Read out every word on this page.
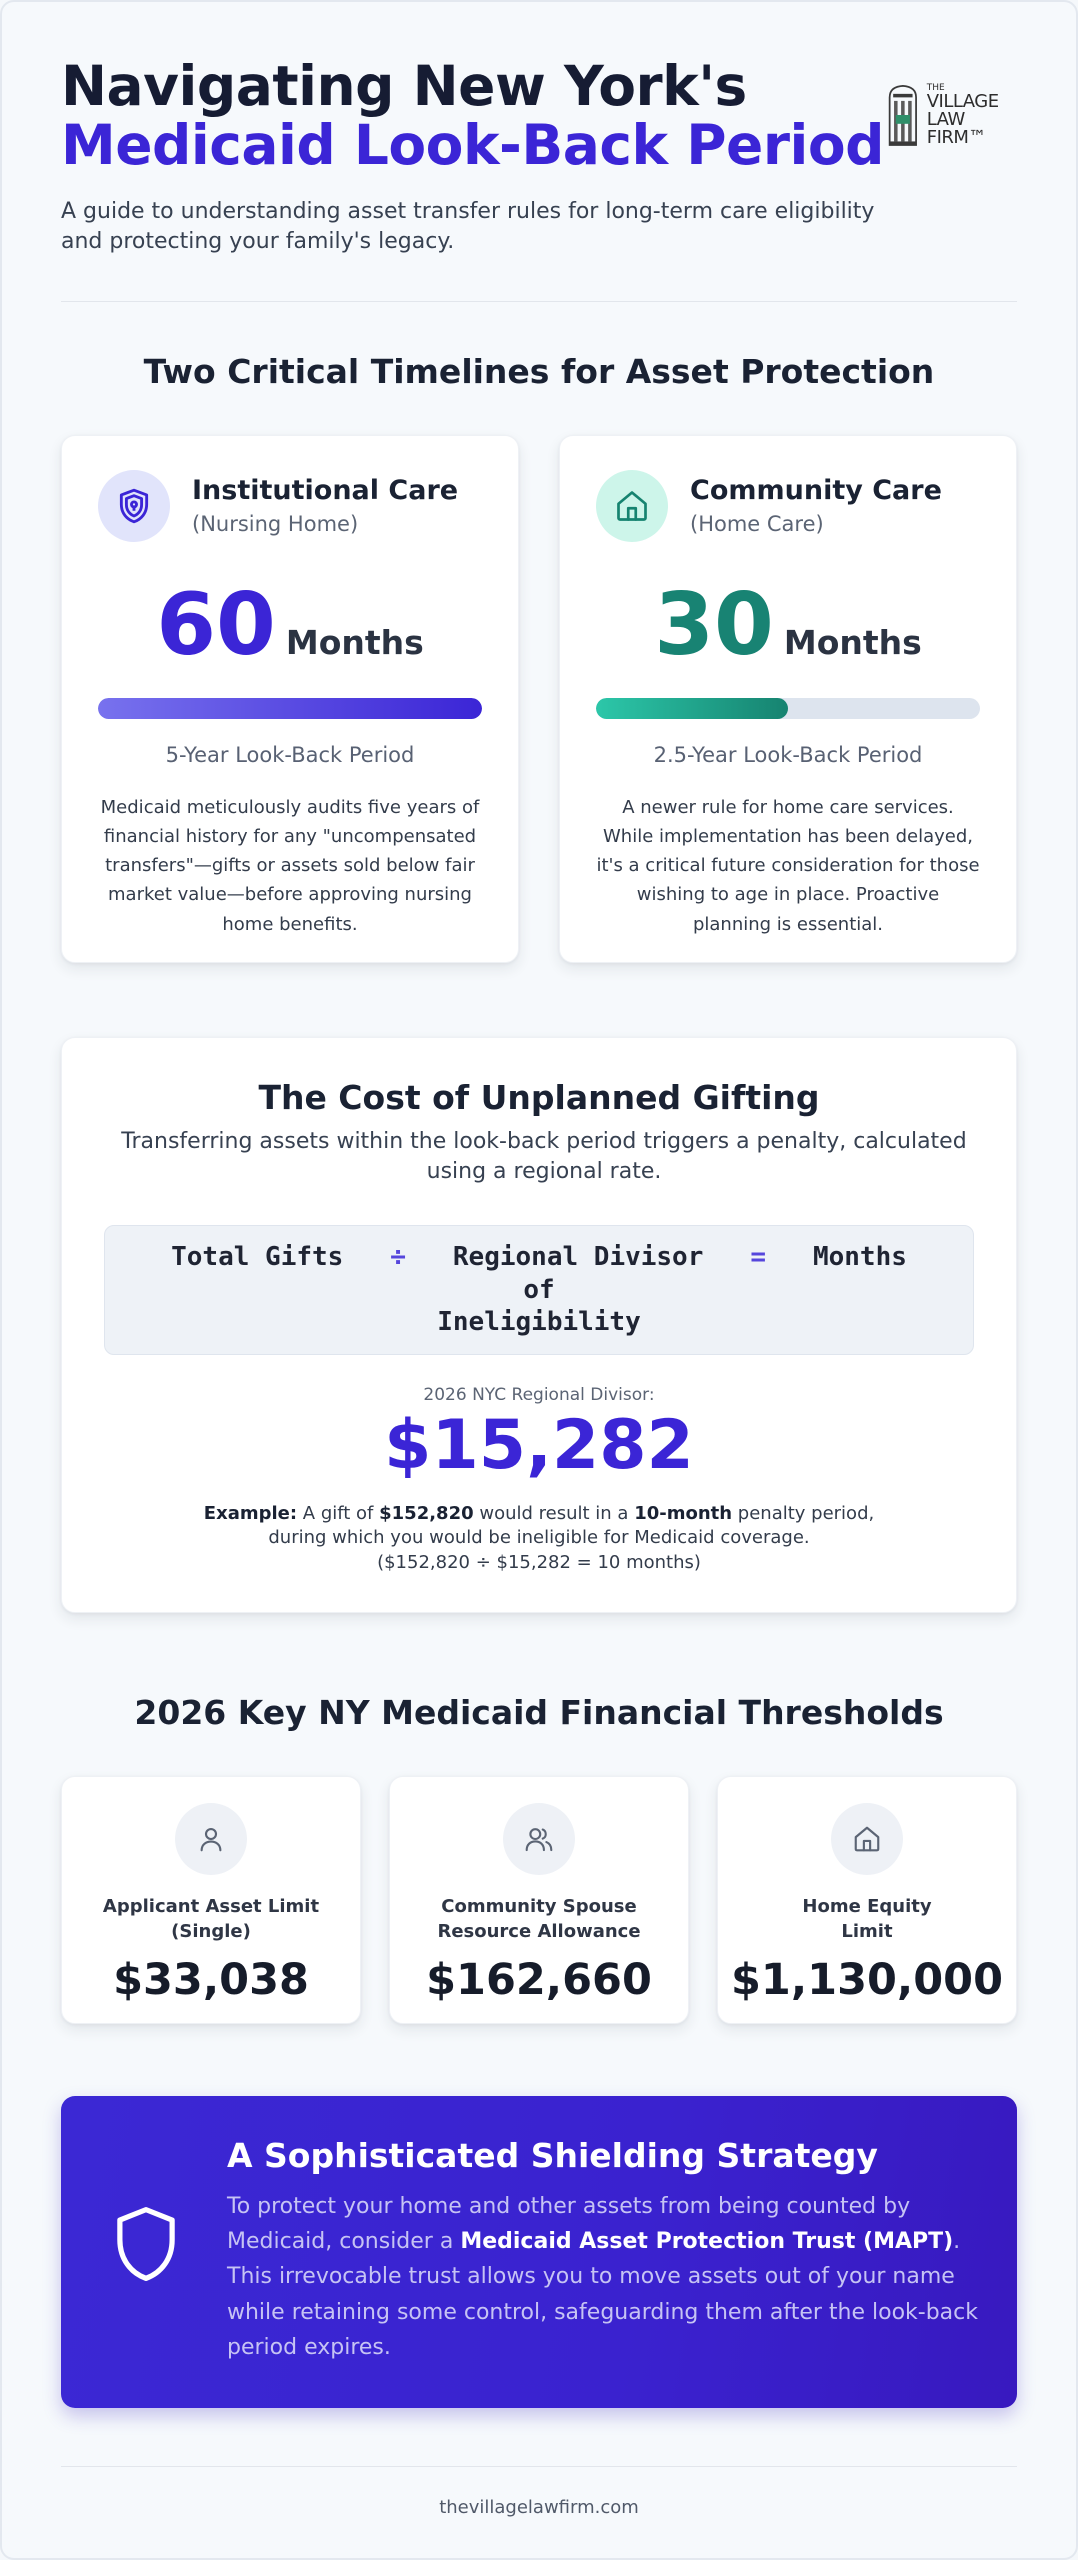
Navigating New York's
Medicaid Look-Back Period
A guide to understanding asset transfer rules for long-term care eligibility and protecting your family's legacy.
THE
VILLAGE
LAW FIRM™
Two Critical Timelines for Asset Protection
Institutional Care
(Nursing Home)
60 Months
5-Year Look-Back Period
Medicaid meticulously audits five years of financial history for any "uncompensated transfers"—gifts or assets sold below fair market value—before approving nursing home benefits.
Community Care
(Home Care)
30 Months
2.5-Year Look-Back Period
A newer rule for home care services. While implementation has been delayed, it's a critical future consideration for those wishing to age in place. Proactive planning is essential.
The Cost of Unplanned Gifting
Transferring assets within the look-back period triggers a penalty, calculated using a regional rate.
Total Gifts ÷ Regional Divisor = Months of
Ineligibility
2026 NYC Regional Divisor:
$15,282
Example: A gift of $152,820 would result in a 10-month penalty period,
during which you would be ineligible for Medicaid coverage.
($152,820 ÷ $15,282 = 10 months)
2026 Key NY Medicaid Financial Thresholds
Applicant Asset Limit
(Single)
$33,038
Community Spouse
Resource Allowance
$162,660
Home Equity
Limit
$1,130,000
A Sophisticated Shielding Strategy
To protect your home and other assets from being counted by Medicaid, consider a Medicaid Asset Protection Trust (MAPT). This irrevocable trust allows you to move assets out of your name while retaining some control, safeguarding them after the look-back period expires.
thevillagelawfirm.com
